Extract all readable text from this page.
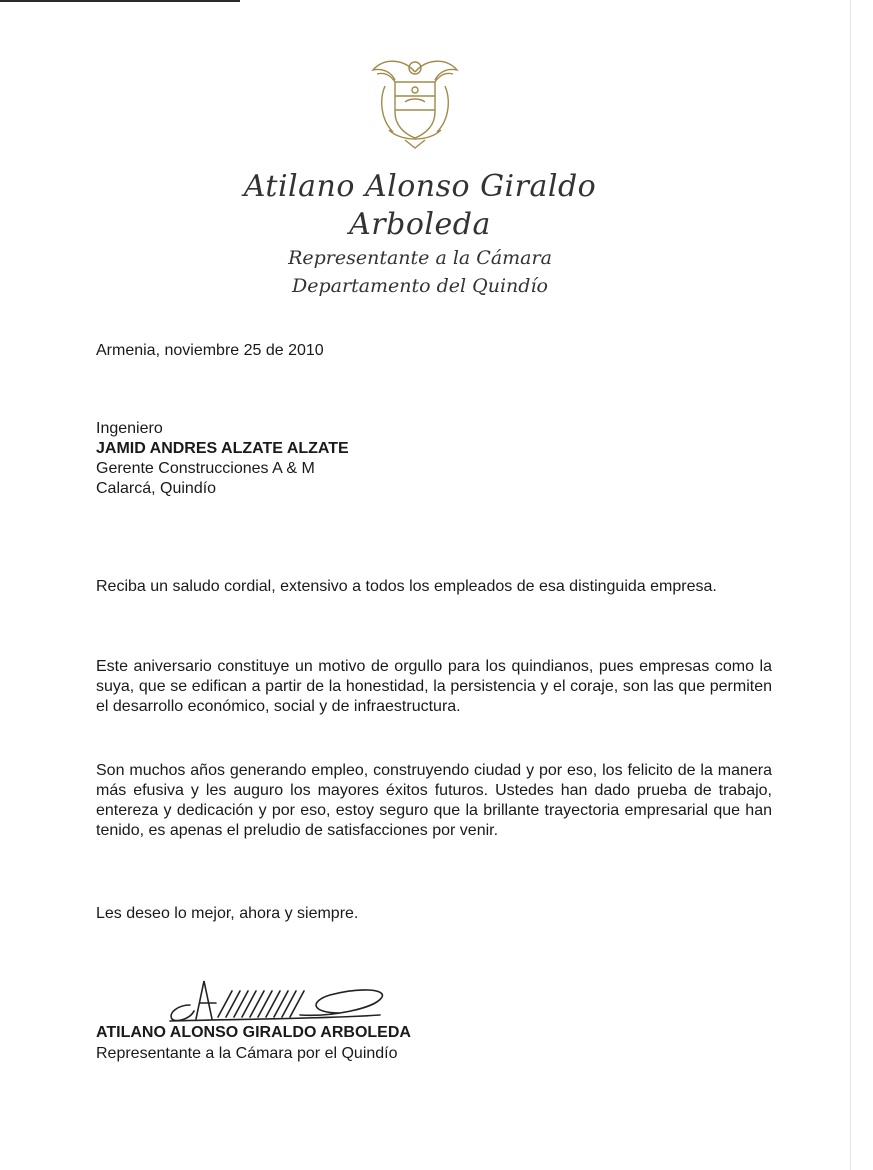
Atilano Alonso Giraldo Arboleda
Representante a la Cámara
Departamento del Quindío
Armenia, noviembre 25 de 2010
Ingeniero
JAMID ANDRES ALZATE ALZATE
Gerente Construcciones A & M
Calarcá, Quindío
Reciba un saludo cordial, extensivo a todos los empleados de esa distinguida empresa.
Este aniversario constituye un motivo de orgullo para los quindianos, pues empresas como la suya, que se edifican a partir de la honestidad, la persistencia y el coraje, son las que permiten el desarrollo económico, social y de infraestructura.
Son muchos años generando empleo, construyendo ciudad y por eso, los felicito de la manera más efusiva y les auguro los mayores éxitos futuros. Ustedes han dado prueba de trabajo, entereza y dedicación y por eso, estoy seguro que la brillante trayectoria empresarial que han tenido, es apenas el preludio de satisfacciones por venir.
Les deseo lo mejor, ahora y siempre.
ATILANO ALONSO GIRALDO ARBOLEDA
Representante a la Cámara por el Quindío
